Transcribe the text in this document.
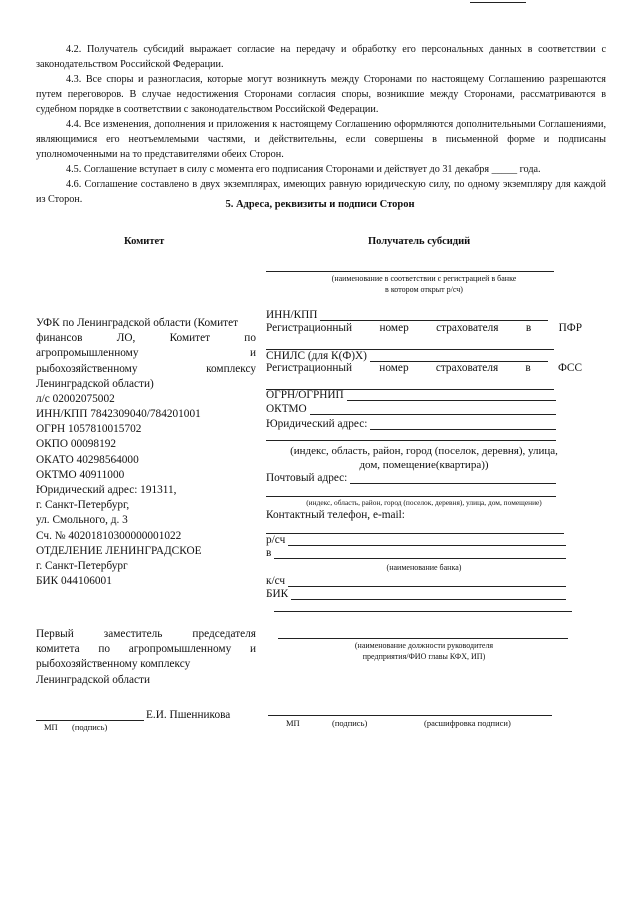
4.2. Получатель субсидий выражает согласие на передачу и обработку его персональных данных в соответствии с законодательством Российской Федерации.

4.3. Все споры и разногласия, которые могут возникнуть между Сторонами по настоящему Соглашению разрешаются путем переговоров. В случае недостижения Сторонами согласия споры, возникшие между Сторонами, рассматриваются в судебном порядке в соответствии с законодательством Российской Федерации.

4.4. Все изменения, дополнения и приложения к настоящему Соглашению оформляются дополнительными Соглашениями, являющимися его неотъемлемыми частями, и действительны, если совершены в письменной форме и подписаны уполномоченными на то представителями обеих Сторон.

4.5. Соглашение вступает в силу с момента его подписания Сторонами и действует до 31 декабря _____ года.

4.6. Соглашение составлено в двух экземплярах, имеющих равную юридическую силу, по одному экземпляру для каждой из Сторон.	5. Адреса, реквизиты и подписи Сторон
Комитет	Получатель субсидий
УФК по Ленинградской области (Комитет
финансов	ЛО,	Комитет	по
агропромышленному	и
рыбохозяйственному	комплексу
Ленинградской области)
л/с 02002075002
ИНН/КПП 7842309040/784201001
ОГРН 1057810015702
ОКПО 00098192
ОКАТО 40298564000
ОКТМО 40911000
Юридический адрес: 191311,
г. Санкт-Петербург,
ул. Смольного, д. 3
Сч. № 40201810300000001022
ОТДЕЛЕНИЕ ЛЕНИНГРАДСКОЕ
г. Санкт-Петербург
БИК 044106001
Первый	заместитель	председателя
комитета по агропромышленному и
рыбохозяйственному комплексу
Ленинградской области
Е.И. Пшенникова
МП (подпись)
(наименование в соответствии с регистрацией в банке
в котором открыт р/сч)
ИНН/КПП
Регистрационный номер страхователя в ПФР
СНИЛС (для К(Ф)Х)
Регистрационный номер страхователя в ФСС
ОГРН/ОГРНИП
ОКТМО
Юридический адрес:
(индекс, область, район, город (поселок, деревня), улица,
дом, помещение(квартира))
Почтовый адрес:
(индекс, область, район, город (поселок, деревня), улица, дом, помещение)
Контактный телефон, e-mail:
р/сч
в
(наименование банка)
к/сч
БИК
(наименование должности руководителя
предприятия/ФИО главы КФХ, ИП)
МП	(подпись)	(расшифровка подписи)
